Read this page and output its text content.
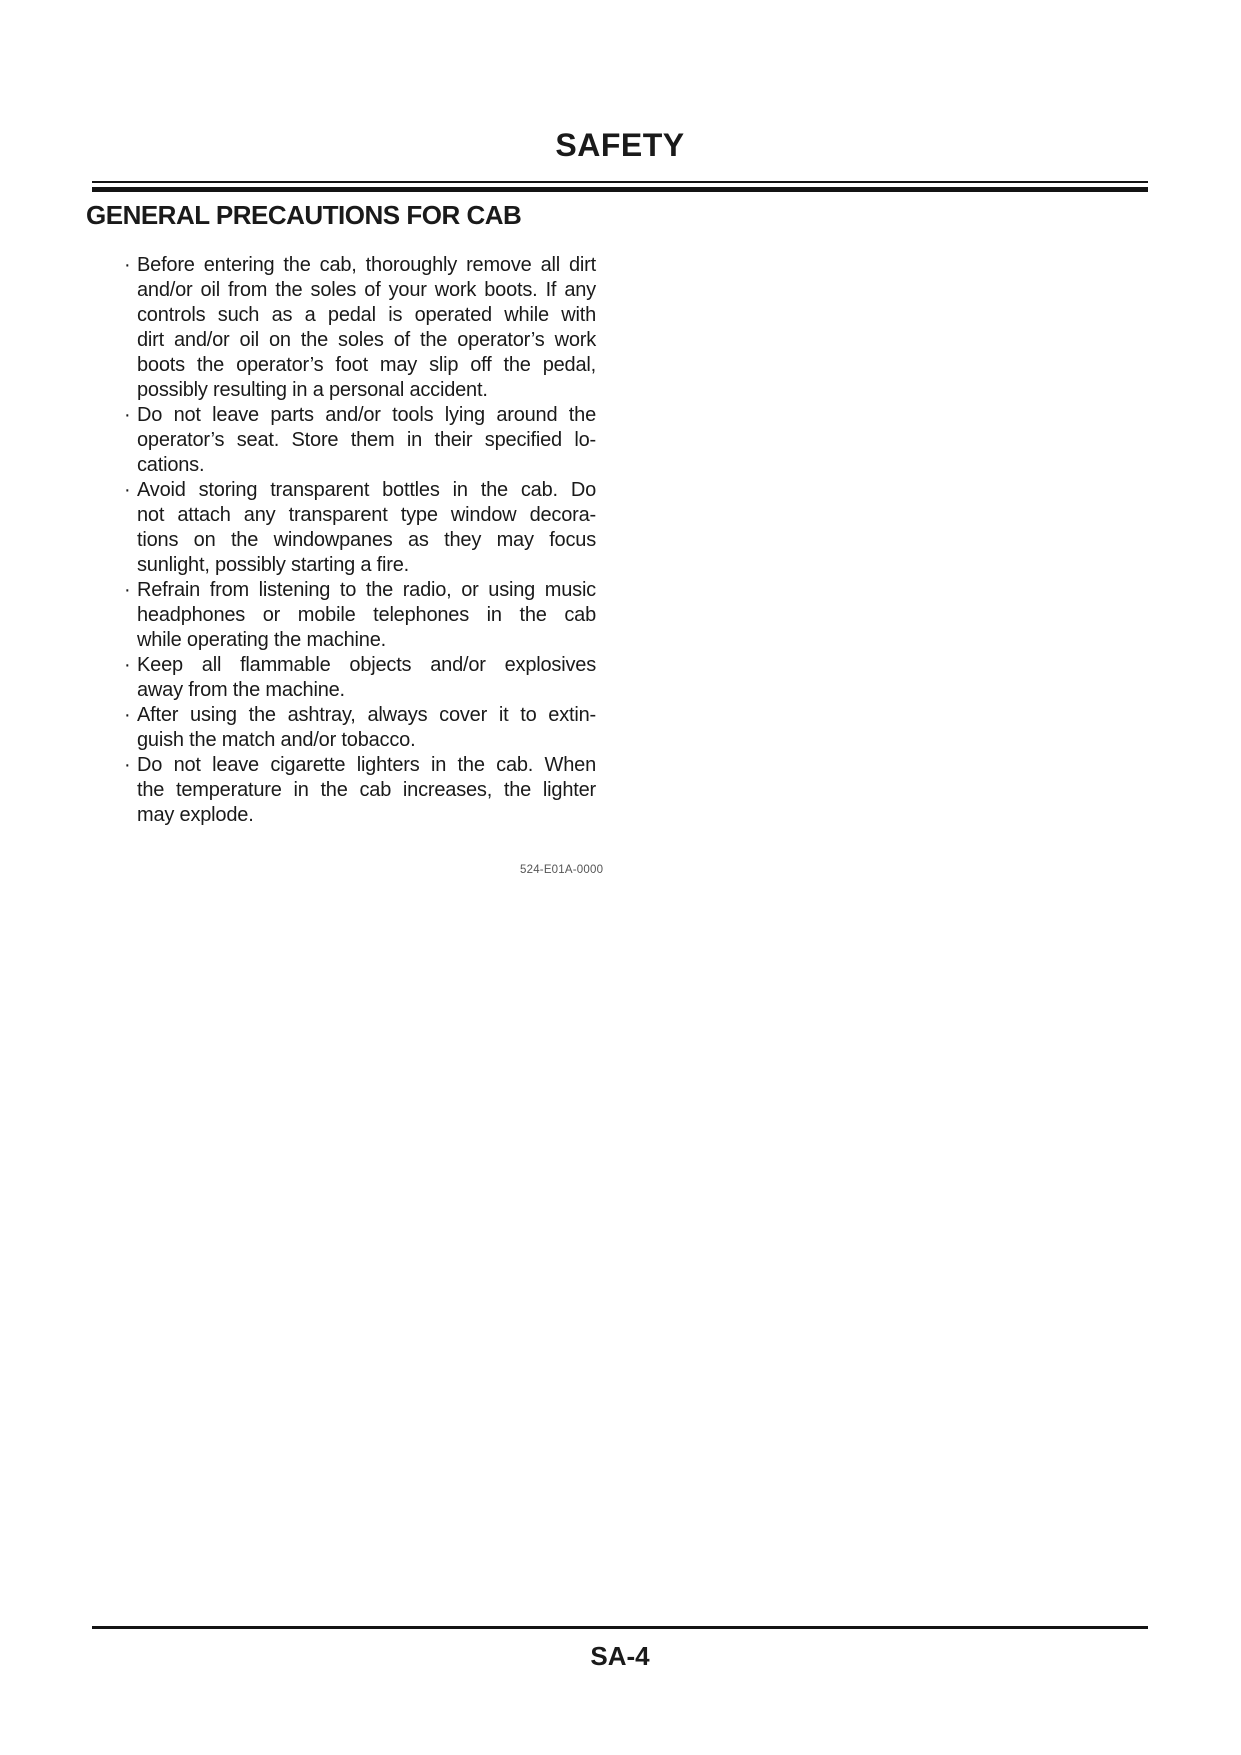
SAFETY
GENERAL PRECAUTIONS FOR CAB
· Before entering the cab, thoroughly remove all dirt
and/or oil from the soles of your work boots. If any
controls such as a pedal is operated while with
dirt and/or oil on the soles of the operator’s work
boots the operator’s foot may slip off the pedal,
possibly resulting in a personal accident.
· Do not leave parts and/or tools lying around the
operator’s seat. Store them in their specified lo-
cations.
· Avoid storing transparent bottles in the cab. Do
not attach any transparent type window decora-
tions on the windowpanes as they may focus
sunlight, possibly starting a fire.
· Refrain from listening to the radio, or using music
headphones or mobile telephones in the cab
while operating the machine.
· Keep all flammable objects and/or explosives
away from the machine.
· After using the ashtray, always cover it to extin-
guish the match and/or tobacco.
· Do not leave cigarette lighters in the cab. When
the temperature in the cab increases, the lighter
may explode.
524-E01A-0000
SA-4
